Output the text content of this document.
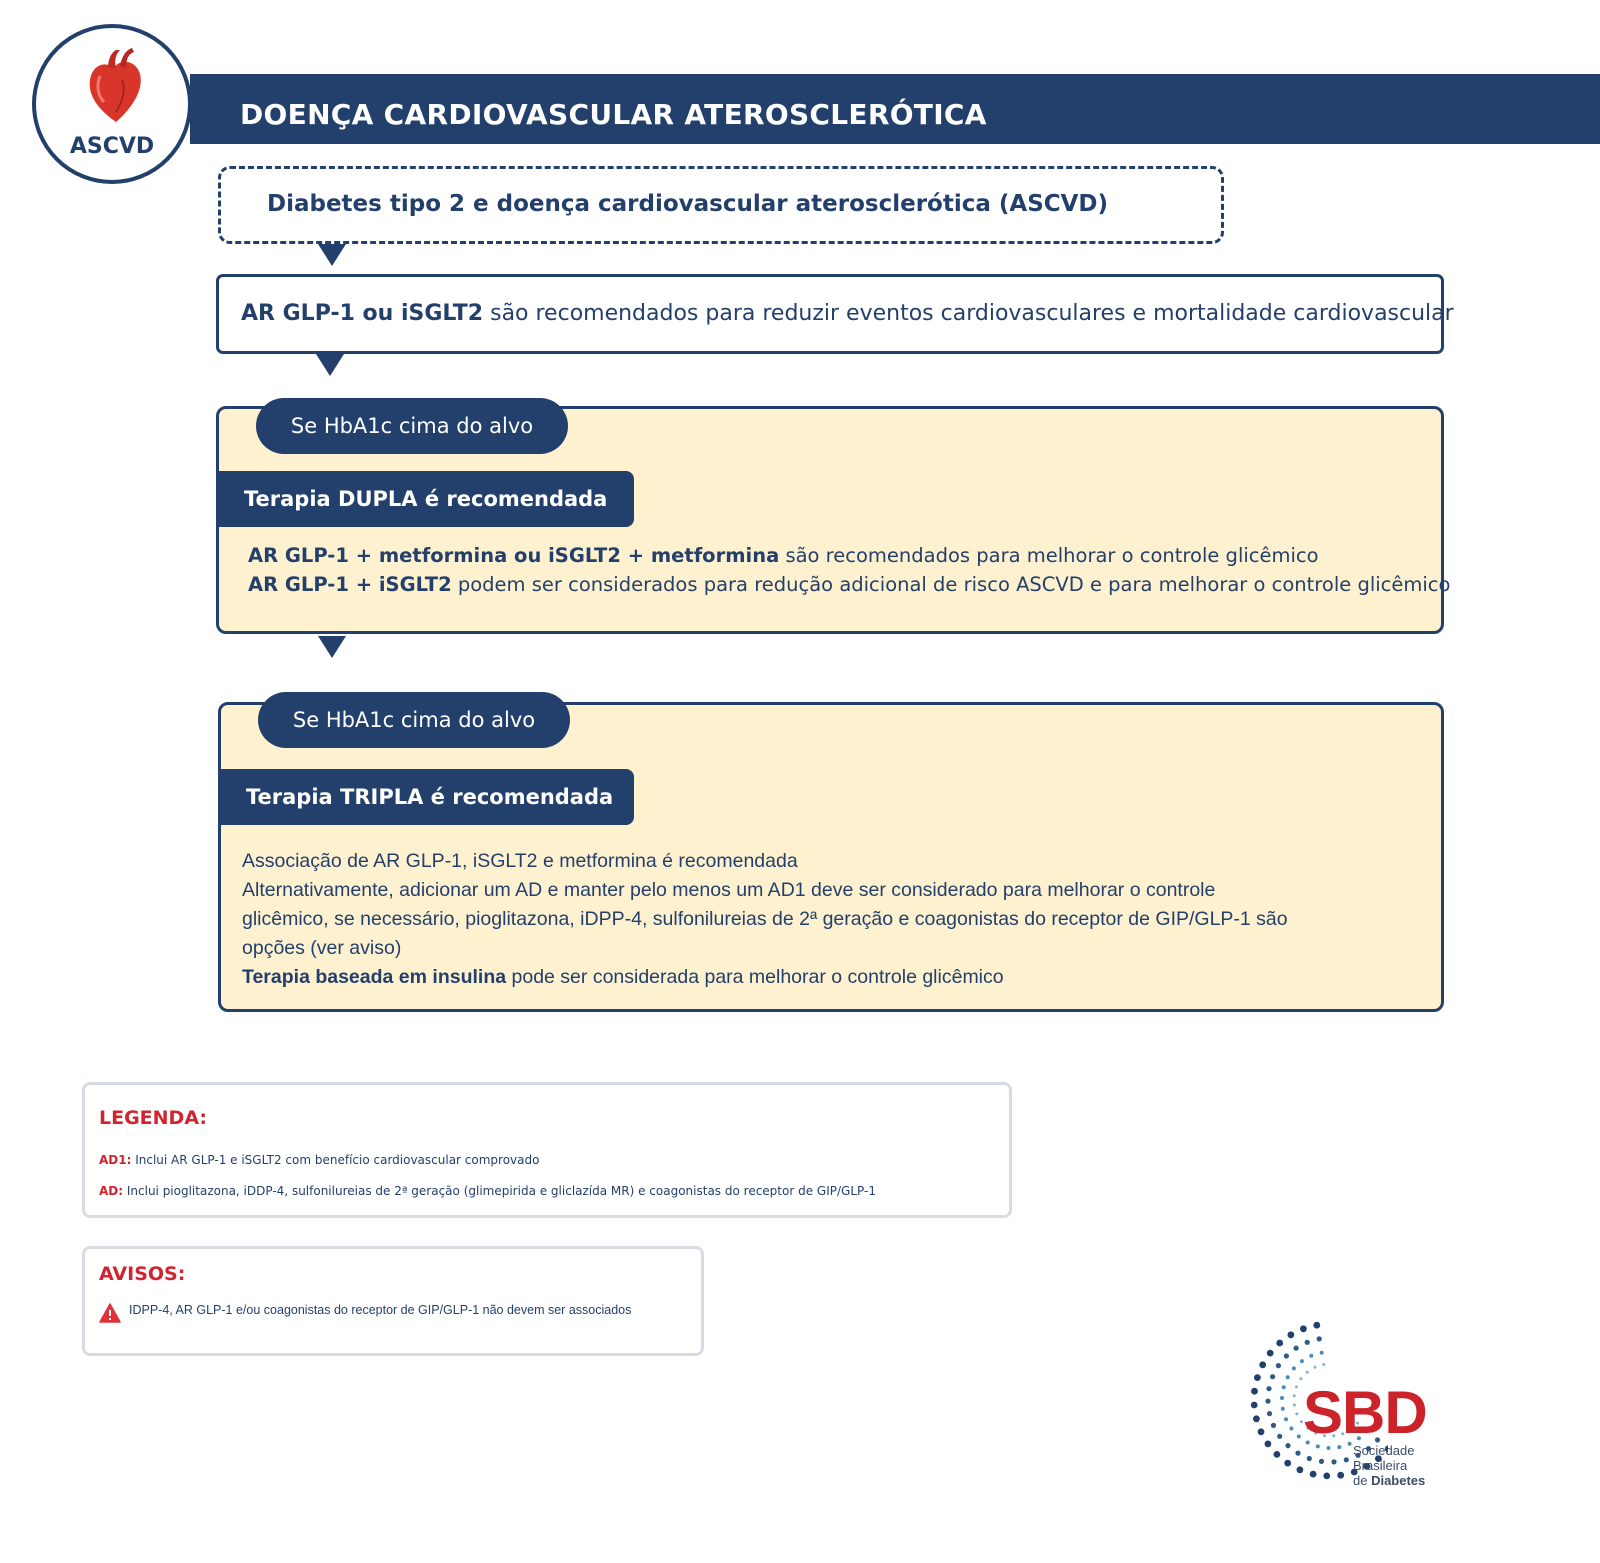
DOENÇA CARDIOVASCULAR ATEROSCLERÓTICA
ASCVD
Diabetes tipo 2 e doença cardiovascular aterosclerótica (ASCVD)
AR GLP-1 ou iSGLT2 são recomendados para reduzir eventos cardiovasculares e mortalidade cardiovascular
Se HbA1c cima do alvo
Terapia DUPLA é recomendada
AR GLP-1 + metformina ou iSGLT2 + metformina são recomendados para melhorar o controle glicêmico
AR GLP-1 + iSGLT2 podem ser considerados para redução adicional de risco ASCVD e para melhorar o controle glicêmico
Se HbA1c cima do alvo
Terapia TRIPLA é recomendada
Associação de AR GLP-1, iSGLT2 e metformina é recomendada
Alternativamente, adicionar um AD e manter pelo menos um AD1 deve ser considerado para melhorar o controle
glicêmico, se necessário, pioglitazona, iDPP-4, sulfonilureias de 2ª geração e coagonistas do receptor de GIP/GLP-1 são
opções (ver aviso)
Terapia baseada em insulina pode ser considerada para melhorar o controle glicêmico
LEGENDA:
AD1: Inclui AR GLP-1 e iSGLT2 com benefício cardiovascular comprovado
AD: Inclui pioglitazona, iDDP-4, sulfonilureias de 2ª geração (glimepirida e gliclazída MR) e coagonistas do receptor de GIP/GLP-1
AVISOS:
IDPP-4, AR GLP-1 e/ou coagonistas do receptor de GIP/GLP-1 não devem ser associados
SBD
Sociedade
Brasileira
de Diabetes
